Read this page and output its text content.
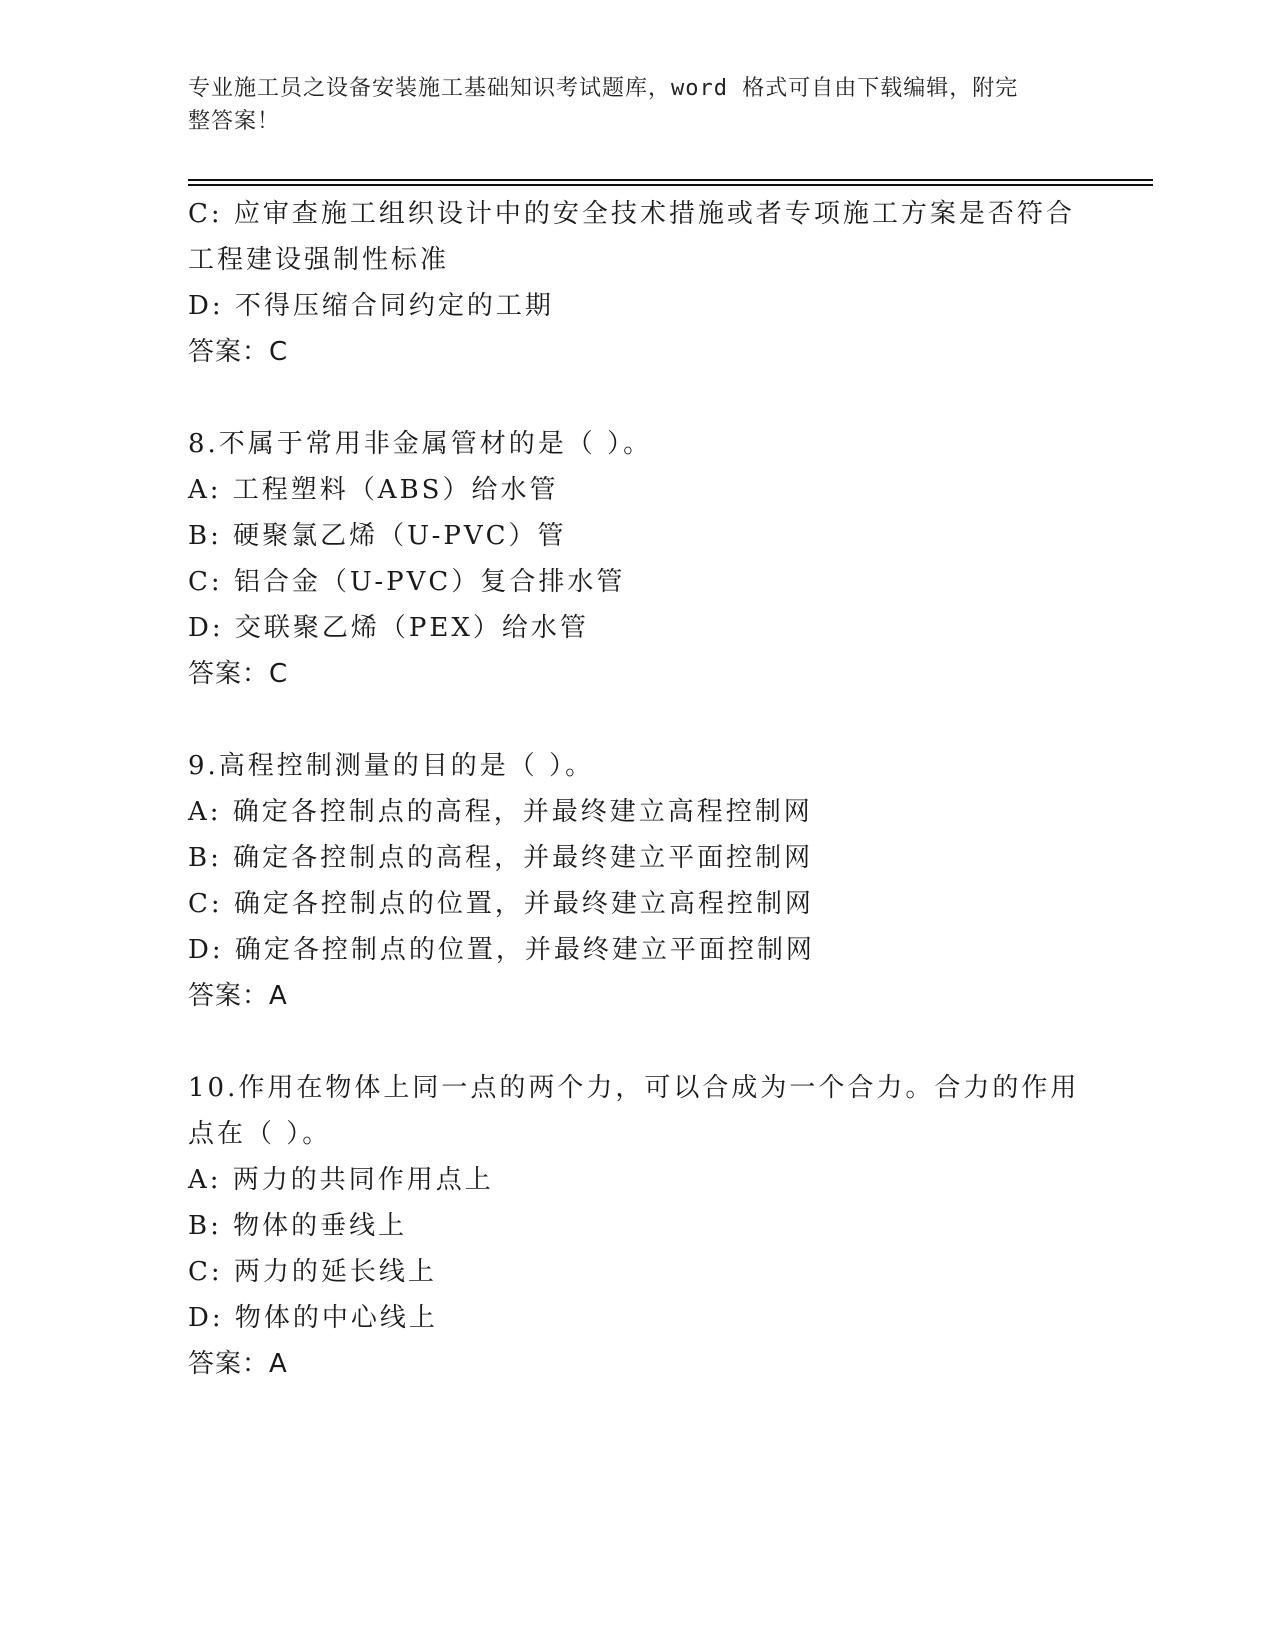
专业施工员之设备安装施工基础知识考试题库，word 格式可自由下载编辑，附完
整答案！

C: 应审查施工组织设计中的安全技术措施或者专项施工方案是否符合

工程建设强制性标准

D: 不得压缩合同约定的工期

答案：C

8.不属于常用非金属管材的是（ ）。

A: 工程塑料（ABS）给水管

B: 硬聚氯乙烯（U-PVC）管

C: 铝合金（U-PVC）复合排水管

D: 交联聚乙烯（PEX）给水管

答案：C

9.高程控制测量的目的是（ ）。

A: 确定各控制点的高程，并最终建立高程控制网

B: 确定各控制点的高程，并最终建立平面控制网

C: 确定各控制点的位置，并最终建立高程控制网

D: 确定各控制点的位置，并最终建立平面控制网

答案：A

10.作用在物体上同一点的两个力，可以合成为一个合力。合力的作用

点在（ ）。

A: 两力的共同作用点上

B: 物体的垂线上

C: 两力的延长线上

D: 物体的中心线上

答案：A
